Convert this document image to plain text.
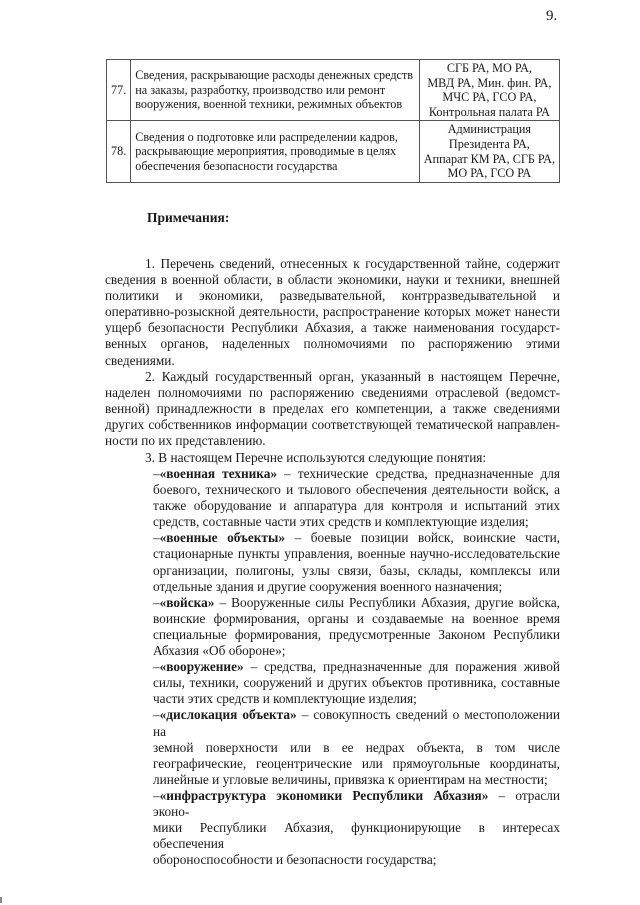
9.
77.	Сведения, раскрывающие расходы денежных средств
на заказы, разработку, производство или ремонт
вооружения, военной техники, режимных объектов	СГБ РА, МО РА,
МВД РА, Мин. фин. РА,
МЧС РА, ГСО РА,
Контрольная палата РА

78.	Сведения о подготовке или распределении кадров,
раскрывающие мероприятия, проводимые в целях
обеспечения безопасности государства	Администрация
Президента РА,
Аппарат КМ РА, СГБ РА,
МО РА, ГСО РА
Примечания:
1. Перечень сведений, отнесенных к государственной тайне, содержит
сведения в военной области, в области экономики, науки и техники, внешней
политики и экономики, разведывательной, контрразведывательной и
оперативно-розыскной деятельности, распространение которых может нанести
ущерб безопасности Республики Абхазия, а также наименования государст-
венных органов, наделенных полномочиями по распоряжению этими
сведениями.
2. Каждый государственный орган, указанный в настоящем Перечне,
наделен полномочиями по распоряжению сведениями отраслевой (ведомст-
венной) принадлежности в пределах его компетенции, а также сведениями
других собственников информации соответствующей тематической направлен-
ности по их представлению.
3. В настоящем Перечне используются следующие понятия:
–«военная техника» – технические средства, предназначенные для
боевого, технического и тылового обеспечения деятельности войск, а
также оборудование и аппаратура для контроля и испытаний этих
средств, составные части этих средств и комплектующие изделия;
–«военные объекты» – боевые позиции войск, воинские части,
стационарные пункты управления, военные научно-исследовательские
организации, полигоны, узлы связи, базы, склады, комплексы или
отдельные здания и другие сооружения военного назначения;
–«войска» – Вооруженные силы Республики Абхазия, другие войска,
воинские формирования, органы и создаваемые на военное время
специальные формирования, предусмотренные Законом Республики
Абхазия «Об обороне»;
–«вооружение» – средства, предназначенные для поражения живой
силы, техники, сооружений и других объектов противника, составные
части этих средств и комплектующие изделия;
–«дислокация объекта» – совокупность сведений о местоположении на
земной поверхности или в ее недрах объекта, в том числе
географические, геоцентрические или прямоугольные координаты,
линейные и угловые величины, привязка к ориентирам на местности;
–«инфраструктура экономики Республики Абхазия» – отрасли эконо-
мики Республики Абхазия, функционирующие в интересах обеспечения
обороноспособности и безопасности государства;
